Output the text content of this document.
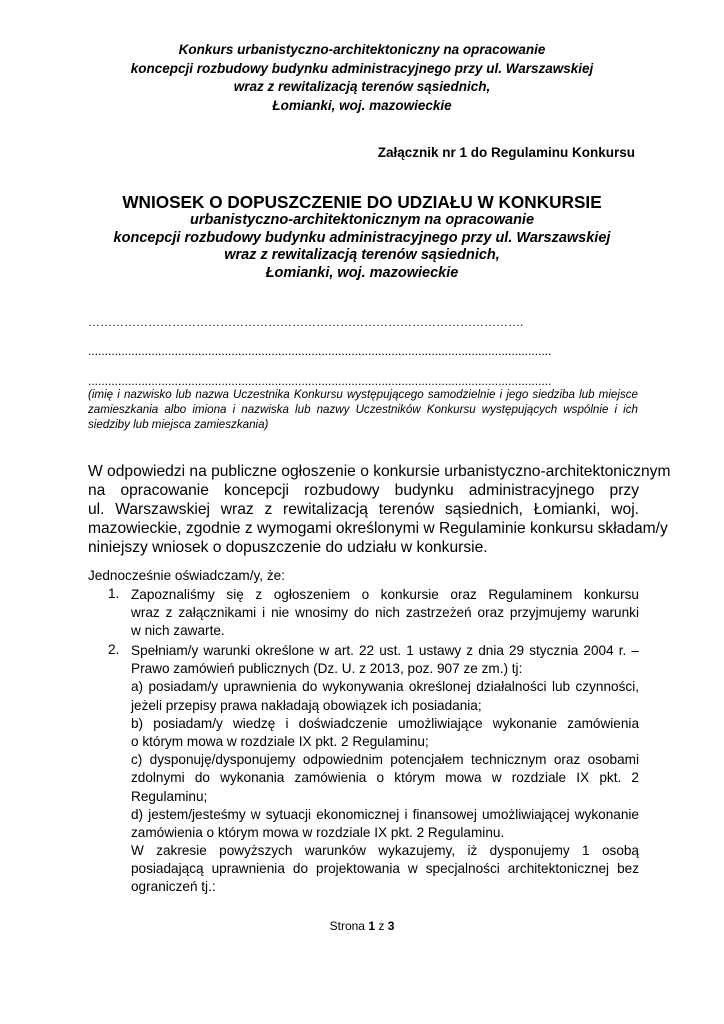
Konkurs urbanistyczno-architektoniczny na opracowanie
koncepcji rozbudowy budynku administracyjnego przy ul. Warszawskiej
wraz z rewitalizacją terenów sąsiednich,
Łomianki, woj. mazowieckie
Załącznik nr 1 do Regulaminu Konkursu
WNIOSEK O DOPUSZCZENIE DO UDZIAŁU W KONKURSIE
urbanistyczno-architektonicznym na opracowanie
koncepcji rozbudowy budynku administracyjnego przy ul. Warszawskiej
wraz z rewitalizacją terenów sąsiednich,
Łomianki, woj. mazowieckie
……………………………………………………………………………………………….
...........................................................................................................................................
...........................................................................................................................................
(imię i nazwisko lub nazwa Uczestnika Konkursu występującego samodzielnie i jego siedziba lub miejsce zamieszkania albo imiona i nazwiska lub nazwy Uczestników Konkursu występujących wspólnie i ich siedziby lub miejsca zamieszkania)
W odpowiedzi na publiczne ogłoszenie o konkursie urbanistyczno-architektonicznym
na opracowanie koncepcji rozbudowy budynku administracyjnego przy
ul. Warszawskiej wraz z rewitalizacją terenów sąsiednich, Łomianki, woj.
mazowieckie, zgodnie z wymogami określonymi w Regulaminie konkursu składam/y
niniejszy wniosek o dopuszczenie do udziału w konkursie.
Jednocześnie oświadczam/y, że:
1. Zapoznaliśmy się z ogłoszeniem o konkursie oraz Regulaminem konkursu
wraz z załącznikami i nie wnosimy do nich zastrzeżeń oraz przyjmujemy warunki
w nich zawarte.
2. Spełniam/y warunki określone w art. 22 ust. 1 ustawy z dnia 29 stycznia 2004 r. –
Prawo zamówień publicznych (Dz. U. z 2013, poz. 907 ze zm.) tj:
a) posiadam/y uprawnienia do wykonywania określonej działalności lub czynności,
jeżeli przepisy prawa nakładają obowiązek ich posiadania;
b) posiadam/y wiedzę i doświadczenie umożliwiające wykonanie zamówienia
o którym mowa w rozdziale IX pkt. 2 Regulaminu;
c) dysponuję/dysponujemy odpowiednim potencjałem technicznym oraz osobami
zdolnymi do wykonania zamówienia o którym mowa w rozdziale IX pkt. 2
Regulaminu;
d) jestem/jesteśmy w sytuacji ekonomicznej i finansowej umożliwiającej wykonanie
zamówienia o którym mowa w rozdziale IX pkt. 2 Regulaminu.
W zakresie powyższych warunków wykazujemy, iż dysponujemy 1 osobą
posiadającą uprawnienia do projektowania w specjalności architektonicznej bez
ograniczeń tj.:
Strona 1 z 3
